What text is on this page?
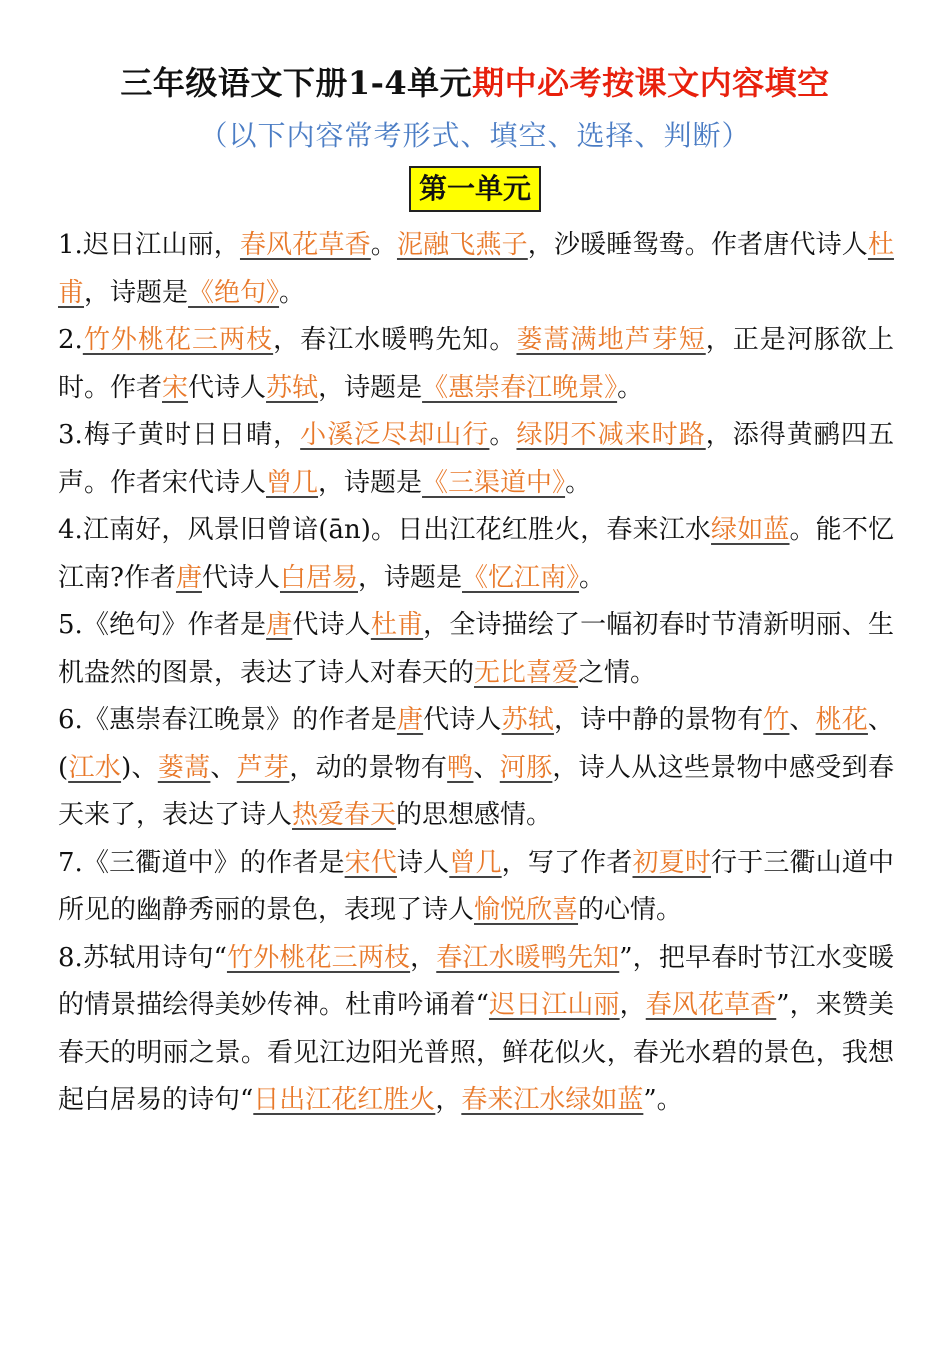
三年级语文下册1-4单元期中必考按课文内容填空
（以下内容常考形式、填空、选择、判断）
第一单元

1.迟日江山丽，春风花草香。泥融飞燕子，沙暖睡鸳鸯。作者唐代诗人杜甫，诗题是《绝句》。

2.竹外桃花三两枝，春江水暖鸭先知。蒌蒿满地芦芽短，正是河豚欲上时。作者宋代诗人苏轼，诗题是《惠崇春江晚景》。

3.梅子黄时日日晴，小溪泛尽却山行。绿阴不减来时路，添得黄鹂四五声。作者宋代诗人曾几，诗题是《三渠道中》。

4.江南好，风景旧曾谙(ān)。日出江花红胜火，春来江水绿如蓝。能不忆江南?作者唐代诗人白居易，诗题是《忆江南》。

5.《绝句》作者是唐代诗人杜甫，全诗描绘了一幅初春时节清新明丽、生机盎然的图景，表达了诗人对春天的无比喜爱之情。

6.《惠崇春江晚景》的作者是唐代诗人苏轼，诗中静的景物有竹、桃花、(江水)、蒌蒿、芦芽，动的景物有鸭、河豚，诗人从这些景物中感受到春天来了，表达了诗人热爱春天的思想感情。

7.《三衢道中》的作者是宋代诗人曾几，写了作者初夏时行于三衢山道中所见的幽静秀丽的景色，表现了诗人愉悦欣喜的心情。

8.苏轼用诗句“竹外桃花三两枝，春江水暖鸭先知”，把早春时节江水变暖的情景描绘得美妙传神。杜甫吟诵着“迟日江山丽，春风花草香”，来赞美春天的明丽之景。看见江边阳光普照，鲜花似火，春光水碧的景色，我想起白居易的诗句“日出江花红胜火，春来江水绿如蓝”。
